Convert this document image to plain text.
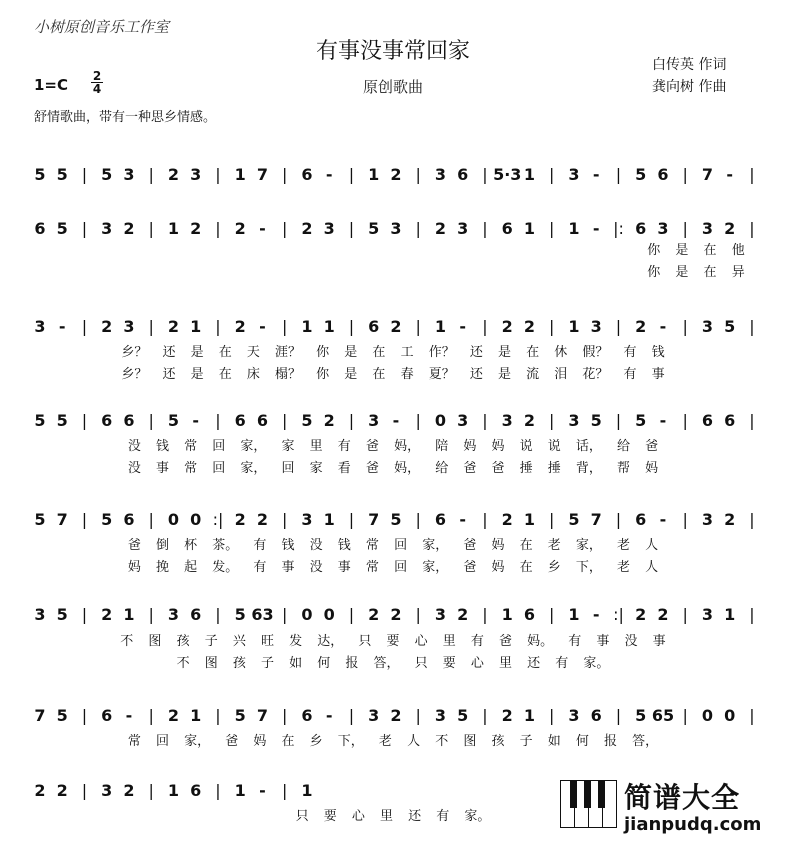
小树原创音乐工作室
有事没事常回家
原创歌曲
白传英 作词
龚向树 作曲
$1=C \frac{2}{4}$
舒情歌曲，带有一种思乡情感。
5 5 | 5 3 | 2 3 | 1 7 | 6 - | 1 2 | 3 6 | 5·3 1 | 3 - | 5 6 | 7 - |
6 5 | 3 2 | 1 2 | 2 - | 2 3 | 5 3 | 2 3 | 6 1 | 1 - |: 6 3 | 3 2 |
3 - | 2 3 | 2 1 | 2 - | 1 1 | 6 2 | 1 - | 2 2 | 1 3 | 2 - | 3 5 |
5 5 | 6 6 | 5 - | 6 6 | 5 2 | 3 - | 0 3 | 3 2 | 3 5 | 5 - | 6 6 |
5 7 | 5 6 | 0 0 :| 2 2 | 3 1 | 7 5 | 6 - | 2 1 | 5 7 | 6 - | 3 2 |
3 5 | 2 1 | 3 6 | 5 63 | 0 0 | 2 2 | 3 2 | 1 6 | 1 - :| 2 2 | 3 1 |
7 5 | 6 - | 2 1 | 5 7 | 6 - | 3 2 | 3 5 | 2 1 | 3 6 | 5 65 | 0 0 |
2 2 | 3 2 | 1 6 | 1 - | 1
你 是 在 他
你 是 在 异
乡？ 还 是 在 天 涯？ 你 是 在 工 作？ 还 是 在 休 假？ 有 钱
乡？ 还 是 在 床 榻？ 你 是 在 春 夏？ 还 是 流 泪 花？ 有 事
没 钱 常 回 家， 家 里 有 爸 妈， 陪 妈 妈 说 说 话， 给 爸
没 事 常 回 家， 回 家 看 爸 妈， 给 爸 爸 捶 捶 背， 帮 妈
爸 倒 杯 茶。 有 钱 没 钱 常 回 家， 爸 妈 在 老 家， 老 人
妈 挽 起 发。 有 事 没 事 常 回 家， 爸 妈 在 乡 下， 老 人
不 图 孩 子 兴 旺 发 达， 只 要 心 里 有 爸 妈。 有 事 没 事
不 图 孩 子 如 何 报 答， 只 要 心 里 还 有 家。
常 回 家， 爸 妈 在 乡 下， 老 人 不 图 孩 子 如 何 报 答，
只 要 心 里 还 有 家。
简谱大全
jianpudq.com
